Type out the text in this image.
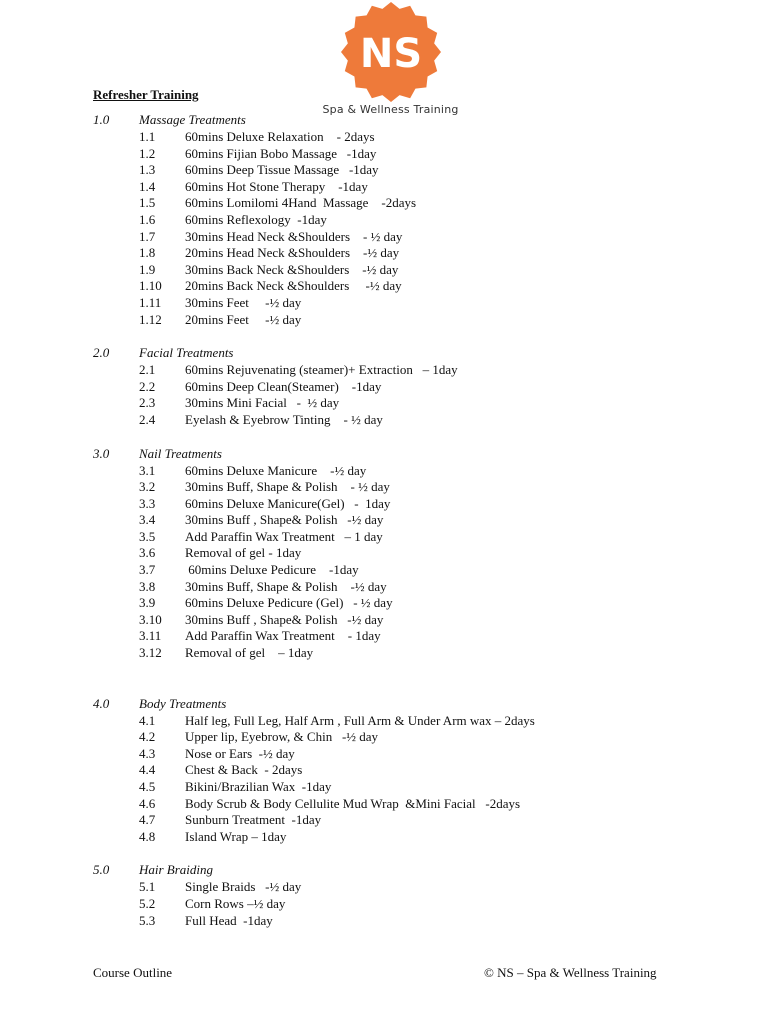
NS
Spa & Wellness Training
Refresher Training
1.0 Massage Treatments
1.1 60mins Deluxe Relaxation    - 2days
1.2 60mins Fijian Bobo Massage   -1day
1.3 60mins Deep Tissue Massage   -1day
1.4 60mins Hot Stone Therapy    -1day
1.5 60mins Lomilomi 4Hand  Massage    -2days
1.6 60mins Reflexology  -1day
1.7 30mins Head Neck &Shoulders    - ½ day
1.8 20mins Head Neck &Shoulders    -½ day
1.9 30mins Back Neck &Shoulders    -½ day
1.10 20mins Back Neck &Shoulders     -½ day
1.11 30mins Feet     -½ day
1.12 20mins Feet     -½ day
2.0 Facial Treatments
2.1 60mins Rejuvenating (steamer)+ Extraction   – 1day
2.2 60mins Deep Clean(Steamer)    -1day
2.3 30mins Mini Facial   -  ½ day
2.4 Eyelash & Eyebrow Tinting    - ½ day
3.0 Nail Treatments
3.1 60mins Deluxe Manicure    -½ day
3.2 30mins Buff, Shape & Polish    - ½ day
3.3 60mins Deluxe Manicure(Gel)   -  1day
3.4 30mins Buff , Shape& Polish   -½ day
3.5 Add Paraffin Wax Treatment   – 1 day
3.6 Removal of gel - 1day
3.7 60mins Deluxe Pedicure    -1day
3.8 30mins Buff, Shape & Polish    -½ day
3.9 60mins Deluxe Pedicure (Gel)   - ½ day
3.10 30mins Buff , Shape& Polish   -½ day
3.11 Add Paraffin Wax Treatment    - 1day
3.12 Removal of gel    – 1day
4.0 Body Treatments
4.1 Half leg, Full Leg, Half Arm , Full Arm & Under Arm wax – 2days
4.2 Upper lip, Eyebrow, & Chin   -½ day
4.3 Nose or Ears  -½ day
4.4 Chest & Back  - 2days
4.5 Bikini/Brazilian Wax  -1day
4.6 Body Scrub & Body Cellulite Mud Wrap  &Mini Facial   -2days
4.7 Sunburn Treatment  -1day
4.8 Island Wrap – 1day
5.0 Hair Braiding
5.1 Single Braids   -½ day
5.2 Corn Rows –½ day
5.3 Full Head  -1day
Course Outline	© NS – Spa & Wellness Training
